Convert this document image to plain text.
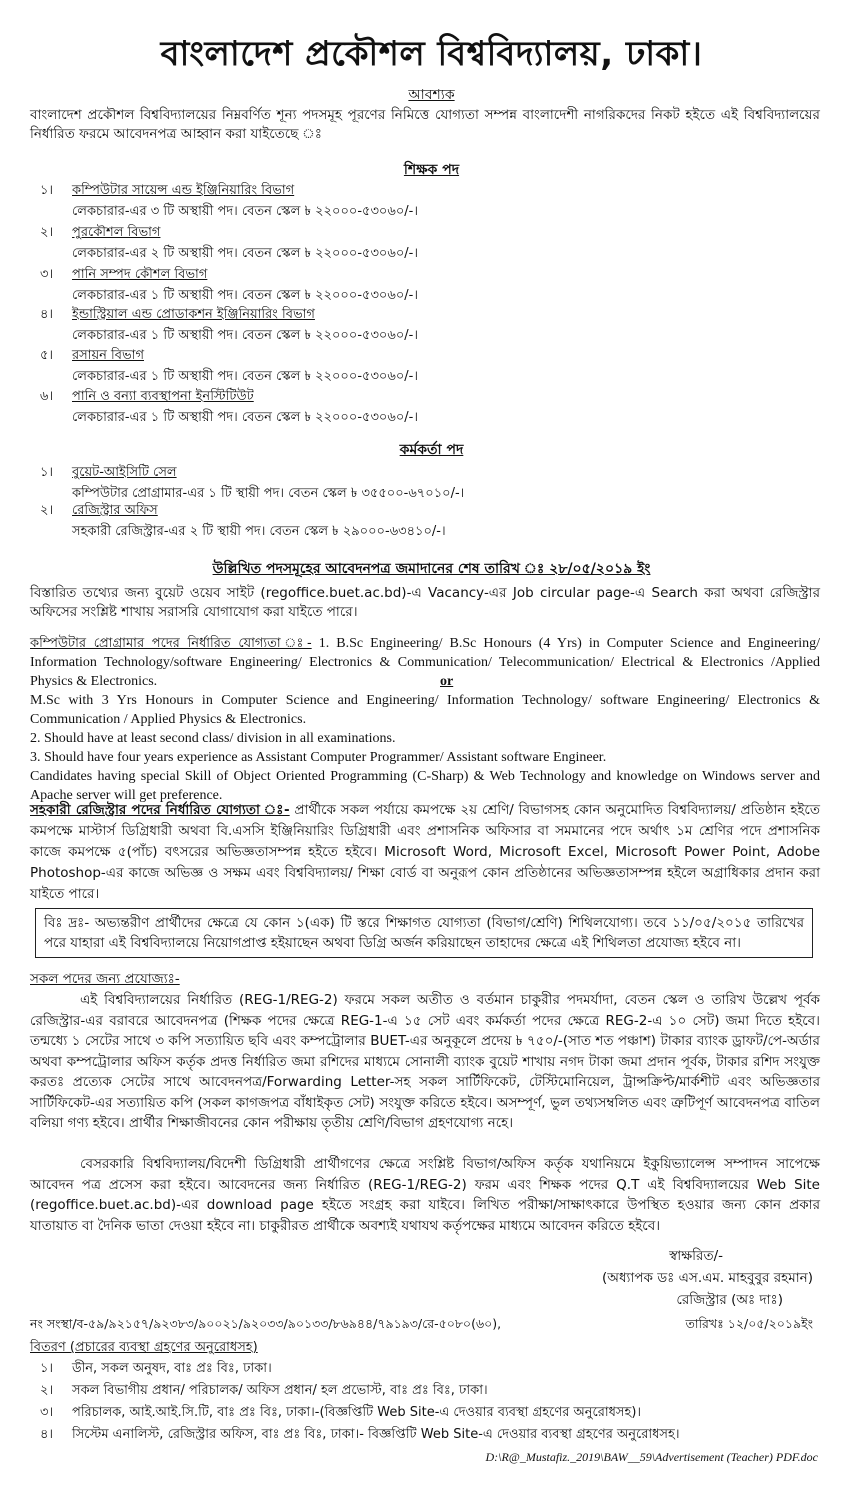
বাংলাদেশ প্রকৌশল বিশ্ববিদ্যালয়, ঢাকা।
আবশ্যক
বাংলাদেশ প্রকৌশল বিশ্ববিদ্যালয়ের নিম্নবর্ণিত শূন্য পদসমূহ পূরণের নিমিত্তে যোগ্যতা সম্পন্ন বাংলাদেশী নাগরিকদের নিকট হইতে এই বিশ্ববিদ্যালয়ের নির্ধারিত ফরমে আবেদনপত্র আহ্বান করা যাইতেছে ঃ
শিক্ষক পদ
১। কম্পিউটার সায়েন্স এন্ড ইঞ্জিনিয়ারিং বিভাগ
লেকচারার-এর ৩ টি অস্থায়ী পদ। বেতন স্কেল ৳ ২২০০০-৫৩০৬০/-।
২। পুরকৌশল বিভাগ
লেকচারার-এর ২ টি অস্থায়ী পদ। বেতন স্কেল ৳ ২২০০০-৫৩০৬০/-।
৩। পানি সম্পদ কৌশল বিভাগ
লেকচারার-এর ১ টি অস্থায়ী পদ। বেতন স্কেল ৳ ২২০০০-৫৩০৬০/-।
৪। ইন্ডাস্ট্রিয়াল এন্ড প্রোডাকশন ইঞ্জিনিয়ারিং বিভাগ
লেকচারার-এর ১ টি অস্থায়ী পদ। বেতন স্কেল ৳ ২২০০০-৫৩০৬০/-।
৫। রসায়ন বিভাগ
লেকচারার-এর ১ টি অস্থায়ী পদ। বেতন স্কেল ৳ ২২০০০-৫৩০৬০/-।
৬। পানি ও বন্যা ব্যবস্থাপনা ইনস্টিটিউট
লেকচারার-এর ১ টি অস্থায়ী পদ। বেতন স্কেল ৳ ২২০০০-৫৩০৬০/-।
কর্মকর্তা পদ
১। বুয়েট-আইসিটি সেল
কম্পিউটার প্রোগ্রামার-এর ১ টি স্থায়ী পদ। বেতন স্কেল ৳ ৩৫৫০০-৬৭০১০/-।
২। রেজিস্ট্রার অফিস
সহকারী রেজিস্ট্রার-এর ২ টি স্থায়ী পদ। বেতন স্কেল ৳ ২৯০০০-৬৩৪১০/-।
উল্লিখিত পদসমূহের আবেদনপত্র জমাদানের শেষ তারিখ ঃ ২৮/০৫/২০১৯ ইং
বিস্তারিত তথ্যের জন্য বুয়েট ওয়েব সাইট (regoffice.buet.ac.bd)-এ Vacancy-এর Job circular page-এ Search করা অথবা রেজিস্ট্রার অফিসের সংশ্লিষ্ট শাখায় সরাসরি যোগাযোগ করা যাইতে পারে।
কম্পিউটার প্রোগ্রামার পদের নির্ধারিত যোগ্যতা ঃ- 1. B.Sc Engineering/ B.Sc Honours (4 Yrs) in Computer Science and Engineering/ Information Technology/software Engineering/ Electronics & Communication/ Telecommunication/ Electrical & Electronics /Applied Physics & Electronics.	or
M.Sc with 3 Yrs Honours in Computer Science and Engineering/ Information Technology/ software Engineering/ Electronics & Communication / Applied Physics & Electronics.
2. Should have at least second class/ division in all examinations.
3. Should have four years experience as Assistant Computer Programmer/ Assistant software Engineer.
Candidates having special Skill of Object Oriented Programming (C-Sharp) & Web Technology and knowledge on Windows server and Apache server will get preference.
সহকারী রেজিস্ট্রার পদের নির্ধারিত যোগ্যতা ঃ- প্রার্থীকে সকল পর্যায়ে কমপক্ষে ২য় শ্রেণি/ বিভাগসহ কোন অনুমোদিত বিশ্ববিদ্যালয়/ প্রতিষ্ঠান হইতে কমপক্ষে মাস্টার্স ডিগ্রিধারী অথবা বি.এসসি ইঞ্জিনিয়ারিং ডিগ্রিধারী এবং প্রশাসনিক অফিসার বা সমমানের পদে অর্থাৎ ১ম শ্রেণির পদে প্রশাসনিক কাজে কমপক্ষে ৫(পাঁচ) বৎসরের অভিজ্ঞতাসম্পন্ন হইতে হইবে। Microsoft Word, Microsoft Excel, Microsoft Power Point, Adobe Photoshop-এর কাজে অভিজ্ঞ ও সক্ষম এবং বিশ্ববিদ্যালয়/ শিক্ষা বোর্ড বা অনুরূপ কোন প্রতিষ্ঠানের অভিজ্ঞতাসম্পন্ন হইলে অগ্রাধিকার প্রদান করা যাইতে পারে।
বিঃ দ্রঃ- অভ্যন্তরীণ প্রার্থীদের ক্ষেত্রে যে কোন ১(এক) টি স্তরে শিক্ষাগত যোগ্যতা (বিভাগ/শ্রেণি) শিথিলযোগ্য। তবে ১১/০৫/২০১৫ তারিখের পরে যাহারা এই বিশ্ববিদ্যালয়ে নিয়োগপ্রাপ্ত হইয়াছেন অথবা ডিগ্রি অর্জন করিয়াছেন তাহাদের ক্ষেত্রে এই শিথিলতা প্রযোজ্য হইবে না।
সকল পদের জন্য প্রযোজ্যঃ-
এই বিশ্ববিদ্যালয়ের নির্ধারিত (REG-1/REG-2) ফরমে সকল অতীত ও বর্তমান চাকুরীর পদমর্যাদা, বেতন স্কেল ও তারিখ উল্লেখ পূর্বক রেজিস্ট্রার-এর বরাবরে আবেদনপত্র (শিক্ষক পদের ক্ষেত্রে REG-1-এ ১৫ সেট এবং কর্মকর্তা পদের ক্ষেত্রে REG-2-এ ১০ সেট) জমা দিতে হইবে। তন্মধ্যে ১ সেটের সাথে ৩ কপি সত্যায়িত ছবি এবং কম্পট্রোলার BUET-এর অনুকূলে প্রদেয় ৳ ৭৫০/-(সাত শত পঞ্চাশ) টাকার ব্যাংক ড্রাফট/পে-অর্ডার অথবা কম্পট্রোলার অফিস কর্তৃক প্রদত্ত নির্ধারিত জমা রশিদের মাধ্যমে সোনালী ব্যাংক বুয়েট শাখায় নগদ টাকা জমা প্রদান পূর্বক, টাকার রশিদ সংযুক্ত করতঃ প্রত্যেক সেটের সাথে আবেদনপত্র/Forwarding Letter-সহ সকল সার্টিফিকেট, টেস্টিমোনিয়েল, ট্রান্সক্রিপ্ট/মার্কশীট এবং অভিজ্ঞতার সার্টিফিকেট-এর সত্যায়িত কপি (সকল কাগজপত্র বাঁধাইকৃত সেট) সংযুক্ত করিতে হইবে। অসম্পূর্ণ, ভুল তথ্যসম্বলিত এবং ত্রুটিপূর্ণ আবেদনপত্র বাতিল বলিয়া গণ্য হইবে। প্রার্থীর শিক্ষাজীবনের কোন পরীক্ষায় তৃতীয় শ্রেণি/বিভাগ গ্রহণযোগ্য নহে।
বেসরকারি বিশ্ববিদ্যালয়/বিদেশী ডিগ্রিধারী প্রার্থীগণের ক্ষেত্রে সংশ্লিষ্ট বিভাগ/অফিস কর্তৃক যথানিয়মে ইকুয়িভ্যালেন্স সম্পাদন সাপেক্ষে আবেদন পত্র প্রসেস করা হইবে। আবেদনের জন্য নির্ধারিত (REG-1/REG-2) ফরম এবং শিক্ষক পদের Q.T এই বিশ্ববিদ্যালয়ের Web Site (regoffice.buet.ac.bd)-এর download page হইতে সংগ্রহ করা যাইবে। লিখিত পরীক্ষা/সাক্ষাৎকারে উপস্থিত হওয়ার জন্য কোন প্রকার যাতায়াত বা দৈনিক ভাতা দেওয়া হইবে না। চাকুরীরত প্রার্থীকে অবশ্যই যথাযথ কর্তৃপক্ষের মাধ্যমে আবেদন করিতে হইবে।
স্বাক্ষরিত/-
(অধ্যাপক ডঃ এস.এম. মাহবুবুর রহমান)
রেজিস্ট্রার (অঃ দাঃ)
নং সংস্থা/ব-৫৯/৯২১৫৭/৯২৩৮৩/৯০০২১/৯২০৩৩/৯০১৩৩/৮৬৯৪৪/৭৯১৯৩/রে-৫০৮০(৬০),	তারিখঃ ১২/০৫/২০১৯ইং
বিতরণ (প্রচারের ব্যবস্থা গ্রহণের অনুরোধসহ)
১। ডীন, সকল অনুষদ, বাঃ প্রঃ বিঃ, ঢাকা।
২। সকল বিভাগীয় প্রধান/ পরিচালক/ অফিস প্রধান/ হল প্রভোস্ট, বাঃ প্রঃ বিঃ, ঢাকা।
৩। পরিচালক, আই.আই.সি.টি, বাঃ প্রঃ বিঃ, ঢাকা।-(বিজ্ঞপ্তিটি Web Site-এ দেওয়ার ব্যবস্থা গ্রহণের অনুরোধসহ)।
৪। সিস্টেম এনালিস্ট, রেজিস্ট্রার অফিস, বাঃ প্রঃ বিঃ, ঢাকা।- বিজ্ঞপ্তিটি Web Site-এ দেওয়ার ব্যবস্থা গ্রহণের অনুরোধসহ।
D:\R@_Mustafiz._2019\BAW__59\Advertisement (Teacher) PDF.doc
